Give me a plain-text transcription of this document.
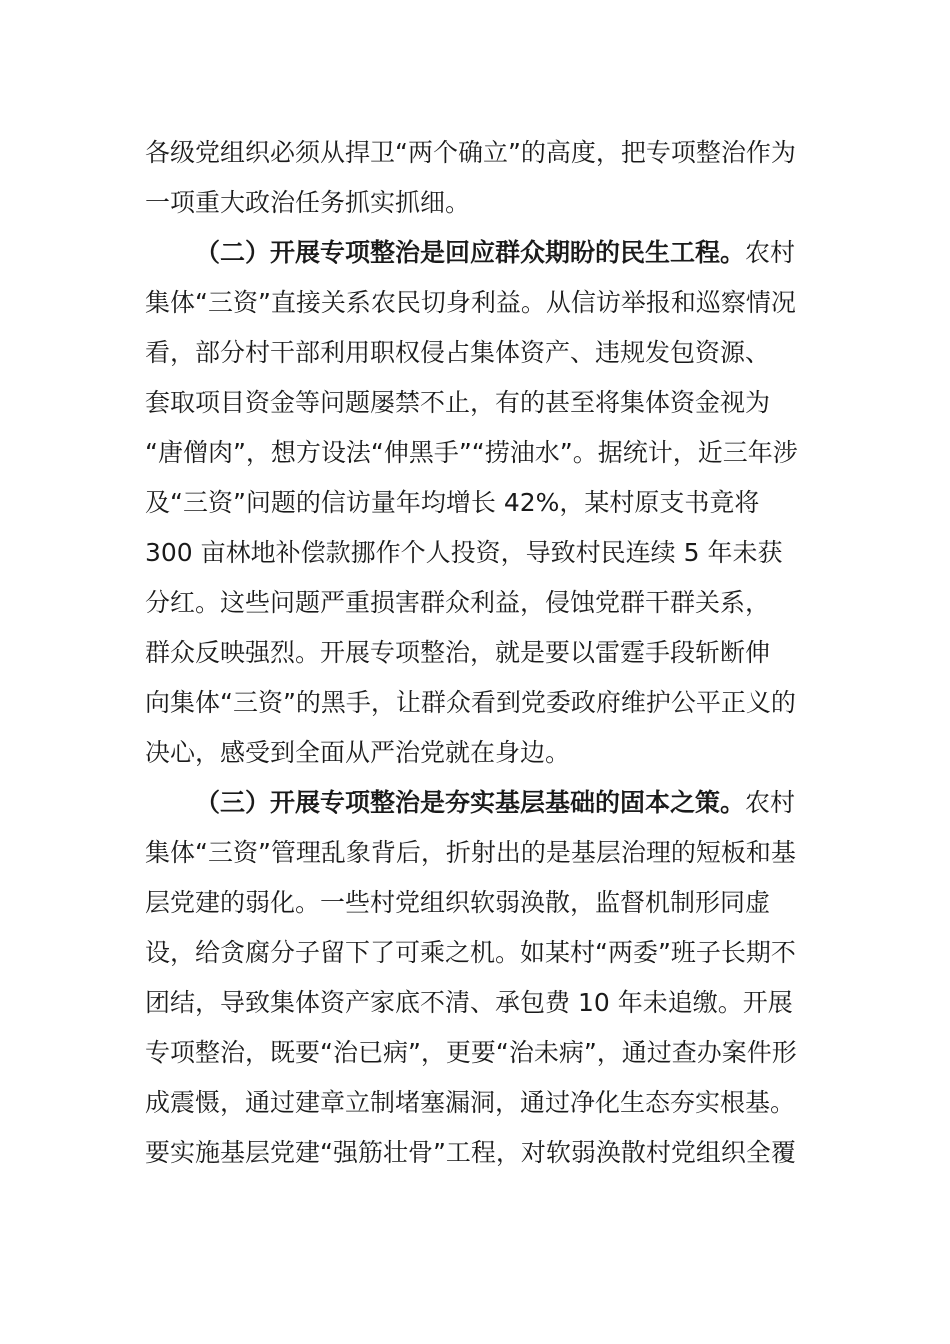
各级党组织必须从捍卫“两个确立”的高度，把专项整治作为
一项重大政治任务抓实抓细。
（二）开展专项整治是回应群众期盼的民生工程。农村
集体“三资”直接关系农民切身利益。从信访举报和巡察情况
看，部分村干部利用职权侵占集体资产、违规发包资源、
套取项目资金等问题屡禁不止，有的甚至将集体资金视为
“唐僧肉”，想方设法“伸黑手”“捞油水”。据统计，近三年涉
及“三资”问题的信访量年均增长 42%，某村原支书竟将
300 亩林地补偿款挪作个人投资，导致村民连续 5 年未获
分红。这些问题严重损害群众利益，侵蚀党群干群关系，
群众反映强烈。开展专项整治，就是要以雷霆手段斩断伸
向集体“三资”的黑手，让群众看到党委政府维护公平正义的
决心，感受到全面从严治党就在身边。
（三）开展专项整治是夯实基层基础的固本之策。农村
集体“三资”管理乱象背后，折射出的是基层治理的短板和基
层党建的弱化。一些村党组织软弱涣散，监督机制形同虚
设，给贪腐分子留下了可乘之机。如某村“两委”班子长期不
团结，导致集体资产家底不清、承包费 10 年未追缴。开展
专项整治，既要“治已病”，更要“治未病”，通过查办案件形
成震慑，通过建章立制堵塞漏洞，通过净化生态夯实根基。
要实施基层党建“强筋壮骨”工程，对软弱涣散村党组织全覆
